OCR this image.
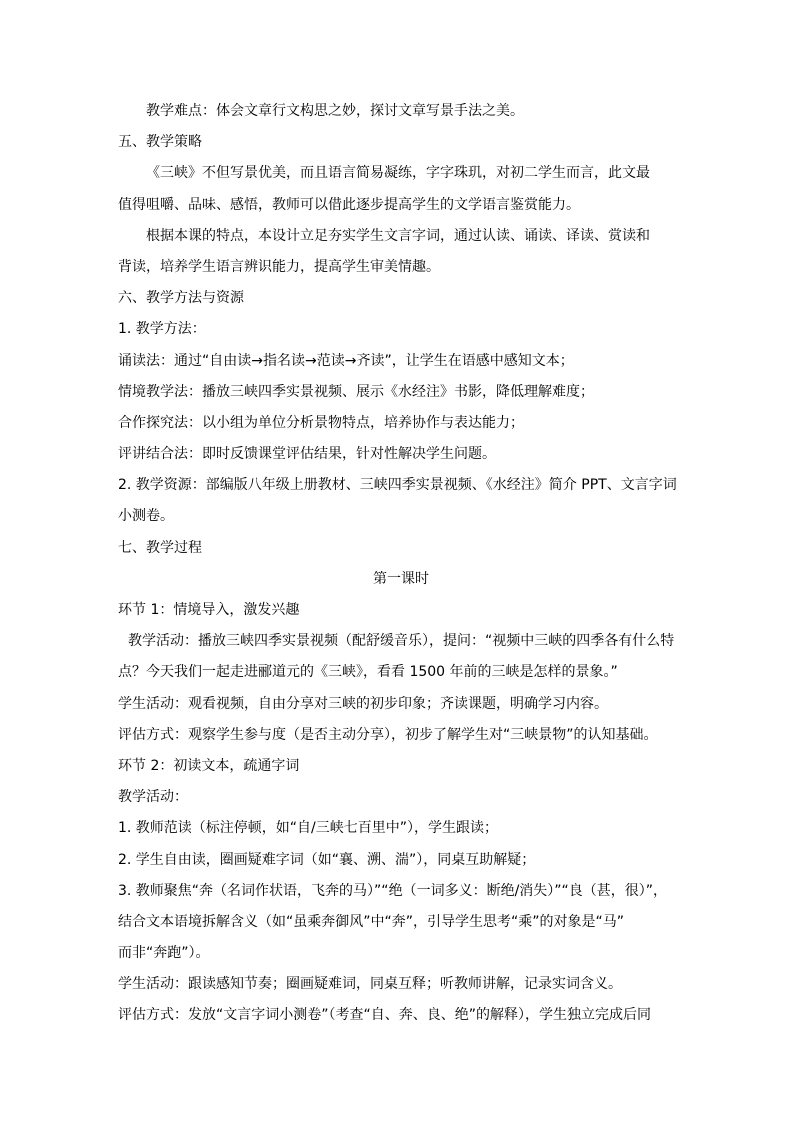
教学难点：体会文章行文构思之妙，探讨文章写景手法之美。
五、教学策略
《三峡》不但写景优美，而且语言简易凝练，字字珠玑，对初二学生而言，此文最
值得咀嚼、品味、感悟，教师可以借此逐步提高学生的文学语言鉴赏能力。
根据本课的特点，本设计立足夯实学生文言字词，通过认读、诵读、译读、赏读和
背读，培养学生语言辨识能力，提高学生审美情趣。
六、教学方法与资源
1. 教学方法：
诵读法：通过“自由读→指名读→范读→齐读”，让学生在语感中感知文本；
情境教学法：播放三峡四季实景视频、展示《水经注》书影，降低理解难度；
合作探究法：以小组为单位分析景物特点，培养协作与表达能力；
评讲结合法：即时反馈课堂评估结果，针对性解决学生问题。
2. 教学资源：部编版八年级上册教材、三峡四季实景视频、《水经注》简介 PPT、文言字词
小测卷。
七、教学过程
第一课时
环节 1：情境导入，激发兴趣
教学活动：播放三峡四季实景视频（配舒缓音乐），提问：“视频中三峡的四季各有什么特
点？今天我们一起走进郦道元的《三峡》，看看 1500 年前的三峡是怎样的景象。”
学生活动：观看视频，自由分享对三峡的初步印象；齐读课题，明确学习内容。
评估方式：观察学生参与度（是否主动分享），初步了解学生对“三峡景物”的认知基础。
环节 2：初读文本，疏通字词
教学活动：
1. 教师范读（标注停顿，如“自/三峡七百里中”），学生跟读；
2. 学生自由读，圈画疑难字词（如“襄、溯、湍”），同桌互助解疑；
3. 教师聚焦“奔（名词作状语，飞奔的马）”“绝（一词多义：断绝/消失）”“良（甚，很）”，
结合文本语境拆解含义（如“虽乘奔御风”中“奔”，引导学生思考“乘”的对象是“马”
而非“奔跑”）。
学生活动：跟读感知节奏；圈画疑难词，同桌互释；听教师讲解，记录实词含义。
评估方式：发放“文言字词小测卷”（考查“自、奔、良、绝”的解释），学生独立完成后同
